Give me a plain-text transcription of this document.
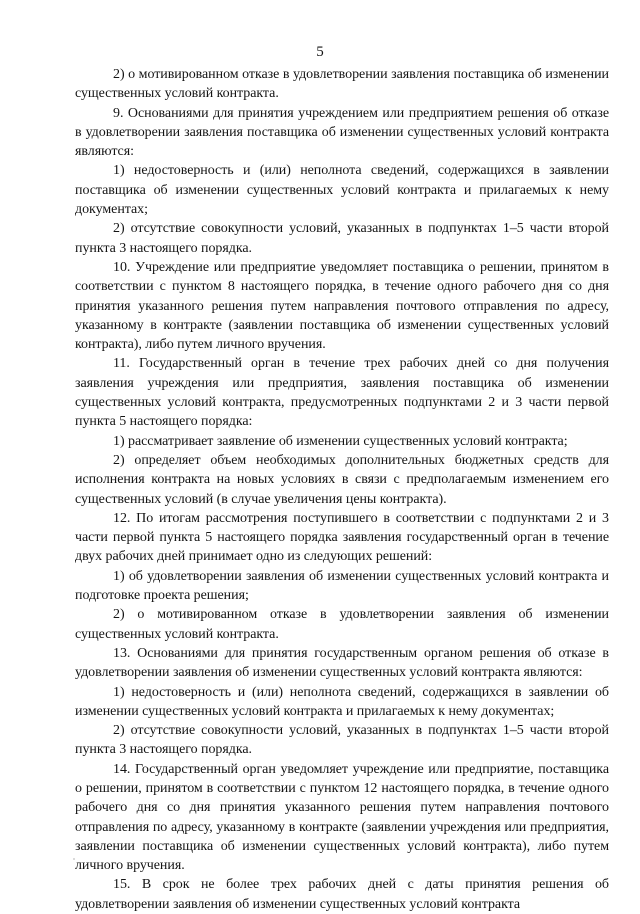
5

2) о мотивированном отказе в удовлетворении заявления поставщика об изменении существенных условий контракта.

9. Основаниями для принятия учреждением или предприятием решения об отказе в удовлетворении заявления поставщика об изменении существенных условий контракта являются:

1) недостоверность и (или) неполнота сведений, содержащихся в заявлении поставщика об изменении существенных условий контракта и прилагаемых к нему документах;

2) отсутствие совокупности условий, указанных в подпунктах 1–5 части второй пункта 3 настоящего порядка.

10. Учреждение или предприятие уведомляет поставщика о решении, принятом в соответствии с пунктом 8 настоящего порядка, в течение одного рабочего дня со дня принятия указанного решения путем направления почтового отправления по адресу, указанному в контракте (заявлении поставщика об изменении существенных условий контракта), либо путем личного вручения.

11. Государственный орган в течение трех рабочих дней со дня получения заявления учреждения или предприятия, заявления поставщика об изменении существенных условий контракта, предусмотренных подпунктами 2 и 3 части первой пункта 5 настоящего порядка:

1) рассматривает заявление об изменении существенных условий контракта;

2) определяет объем необходимых дополнительных бюджетных средств для исполнения контракта на новых условиях в связи с предполагаемым изменением его существенных условий (в случае увеличения цены контракта).

12. По итогам рассмотрения поступившего в соответствии с подпунктами 2 и 3 части первой пункта 5 настоящего порядка заявления государственный орган в течение двух рабочих дней принимает одно из следующих решений:

1) об удовлетворении заявления об изменении существенных условий контракта и подготовке проекта решения;

2) о мотивированном отказе в удовлетворении заявления об изменении существенных условий контракта.

13. Основаниями для принятия государственным органом решения об отказе в удовлетворении заявления об изменении существенных условий контракта являются:

1) недостоверность и (или) неполнота сведений, содержащихся в заявлении об изменении существенных условий контракта и прилагаемых к нему документах;

2) отсутствие совокупности условий, указанных в подпунктах 1–5 части второй пункта 3 настоящего порядка.

14. Государственный орган уведомляет учреждение или предприятие, поставщика о решении, принятом в соответствии с пунктом 12 настоящего порядка, в течение одного рабочего дня со дня принятия указанного решения путем направления почтового отправления по адресу, указанному в контракте (заявлении учреждения или предприятия, заявлении поставщика об изменении существенных условий контракта), либо путем личного вручения.

15. В срок не более трех рабочих дней с даты принятия решения об удовлетворении заявления об изменении существенных условий контракта
